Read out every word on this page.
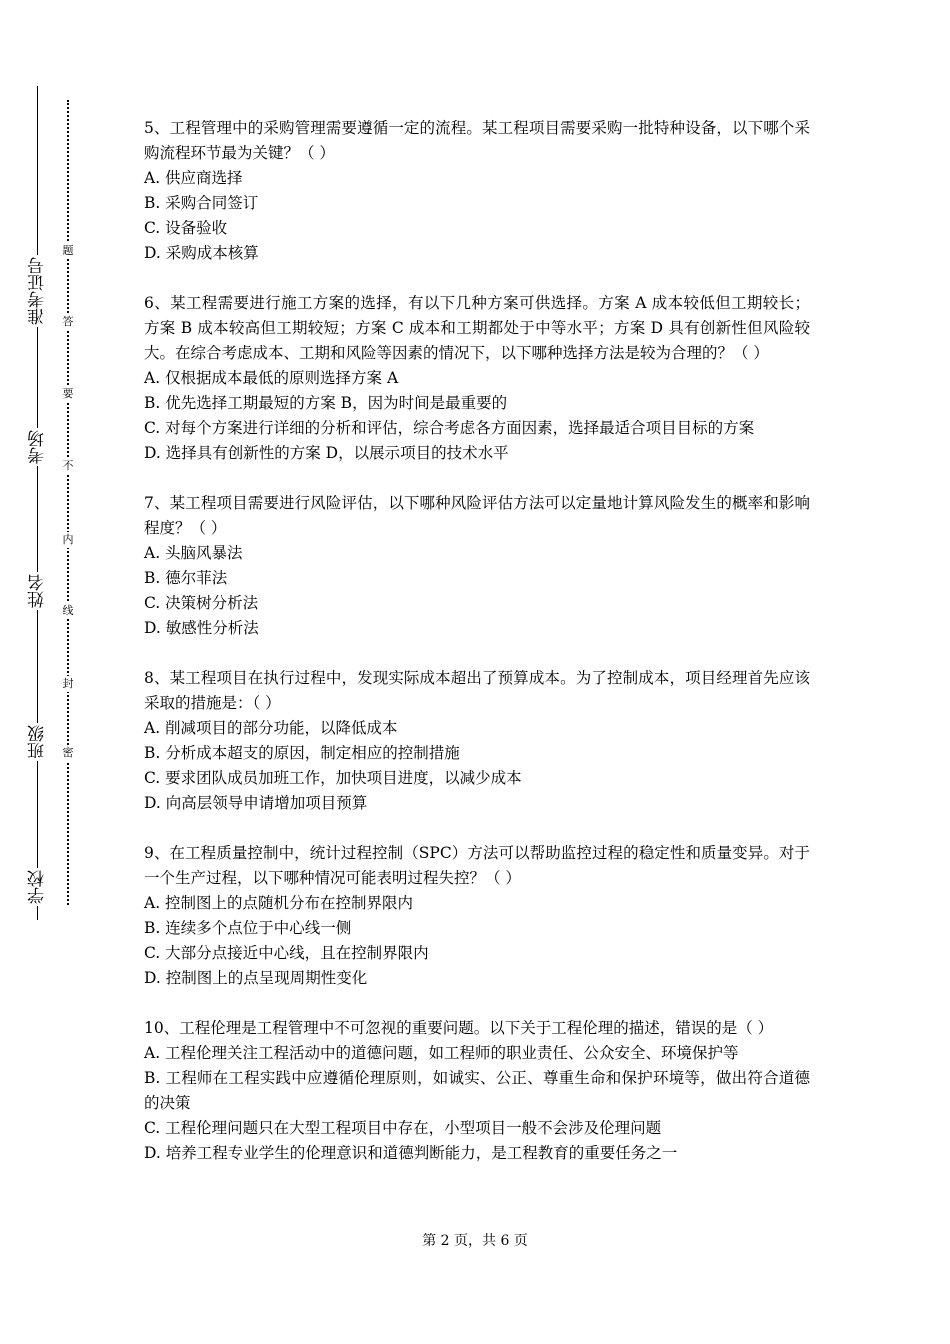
学校
班级
姓名
考场
准考证号
密
封
线
内
不
要
答
题
5、工程管理中的采购管理需要遵循一定的流程。某工程项目需要采购一批特种设备，以下哪个采购流程环节最为关键？（ ）
A. 供应商选择
B. 采购合同签订
C. 设备验收
D. 采购成本核算
6、某工程需要进行施工方案的选择，有以下几种方案可供选择。方案 A 成本较低但工期较长；方案 B 成本较高但工期较短；方案 C 成本和工期都处于中等水平；方案 D 具有创新性但风险较大。在综合考虑成本、工期和风险等因素的情况下，以下哪种选择方法是较为合理的？（ ）
A. 仅根据成本最低的原则选择方案 A
B. 优先选择工期最短的方案 B，因为时间是最重要的
C. 对每个方案进行详细的分析和评估，综合考虑各方面因素，选择最适合项目目标的方案
D. 选择具有创新性的方案 D，以展示项目的技术水平
7、某工程项目需要进行风险评估，以下哪种风险评估方法可以定量地计算风险发生的概率和影响程度？（ ）
A. 头脑风暴法
B. 德尔菲法
C. 决策树分析法
D. 敏感性分析法
8、某工程项目在执行过程中，发现实际成本超出了预算成本。为了控制成本，项目经理首先应该采取的措施是：（ ）
A. 削减项目的部分功能，以降低成本
B. 分析成本超支的原因，制定相应的控制措施
C. 要求团队成员加班工作，加快项目进度，以减少成本
D. 向高层领导申请增加项目预算
9、在工程质量控制中，统计过程控制（SPC）方法可以帮助监控过程的稳定性和质量变异。对于一个生产过程，以下哪种情况可能表明过程失控？（ ）
A. 控制图上的点随机分布在控制界限内
B. 连续多个点位于中心线一侧
C. 大部分点接近中心线，且在控制界限内
D. 控制图上的点呈现周期性变化
10、工程伦理是工程管理中不可忽视的重要问题。以下关于工程伦理的描述，错误的是（ ）
A. 工程伦理关注工程活动中的道德问题，如工程师的职业责任、公众安全、环境保护等
B. 工程师在工程实践中应遵循伦理原则，如诚实、公正、尊重生命和保护环境等，做出符合道德的决策
C. 工程伦理问题只在大型工程项目中存在，小型项目一般不会涉及伦理问题
D. 培养工程专业学生的伦理意识和道德判断能力，是工程教育的重要任务之一
第 2 页，共 6 页
